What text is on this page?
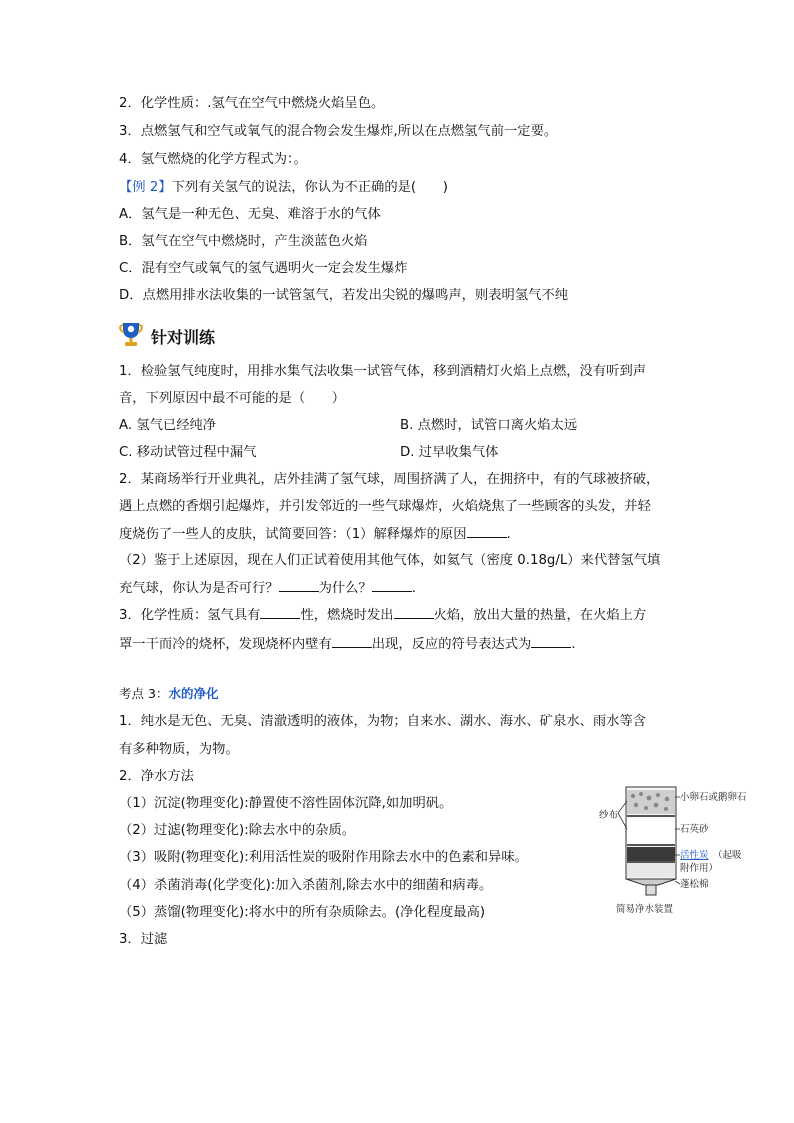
2．化学性质：.氢气在空气中燃烧火焰呈色。
3．点燃氢气和空气或氧气的混合物会发生爆炸,所以在点燃氢气前一定要。
4．氢气燃烧的化学方程式为：。
【例 2】下列有关氢气的说法，你认为不正确的是(　　)
A．氢气是一种无色、无臭、难溶于水的气体
B．氢气在空气中燃烧时，产生淡蓝色火焰
C．混有空气或氧气的氢气遇明火一定会发生爆炸
D．点燃用排水法收集的一试管氢气，若发出尖锐的爆鸣声，则表明氢气不纯
针对训练
1．检验氢气纯度时，用排水集气法收集一试管气体，移到酒精灯火焰上点燃，没有听到声
音，下列原因中最不可能的是（　　）
A. 氢气已经纯净	B. 点燃时，试管口离火焰太远
C. 移动试管过程中漏气	D. 过早收集气体
2．某商场举行开业典礼，店外挂满了氢气球，周围挤满了人，在拥挤中，有的气球被挤破，
遇上点燃的香烟引起爆炸，并引发邻近的一些气球爆炸，火焰烧焦了一些顾客的头发，并轻
度烧伤了一些人的皮肤，试简要回答：（1）解释爆炸的原因	.
（2）鉴于上述原因，现在人们正试着使用其他气体，如氦气（密度 0.18g/L）来代替氢气填
充气球，你认为是否可行？	为什么？	.
3．化学性质：氢气具有	性，燃烧时发出	火焰，放出大量的热量，在火焰上方
罩一干而冷的烧杯，发现烧杯内壁有	出现，反应的符号表达式为	.
考点 3：水的净化
1．纯水是无色、无臭、清澈透明的液体，为物；自来水、湖水、海水、矿泉水、雨水等含
有多种物质，为物。
2．净水方法
（1）沉淀(物理变化):静置使不溶性固体沉降,如加明矾。
（2）过滤(物理变化):除去水中的杂质。
（3）吸附(物理变化):利用活性炭的吸附作用除去水中的色素和异味。
（4）杀菌消毒(化学变化):加入杀菌剂,除去水中的细菌和病毒。
（5）蒸馏(物理变化):将水中的所有杂质除去。(净化程度最高)
3．过滤
纱布
小卵石或鹅卵石
石英砂
活性炭 （起吸
附作用）
蓬松棉
简易净水装置
